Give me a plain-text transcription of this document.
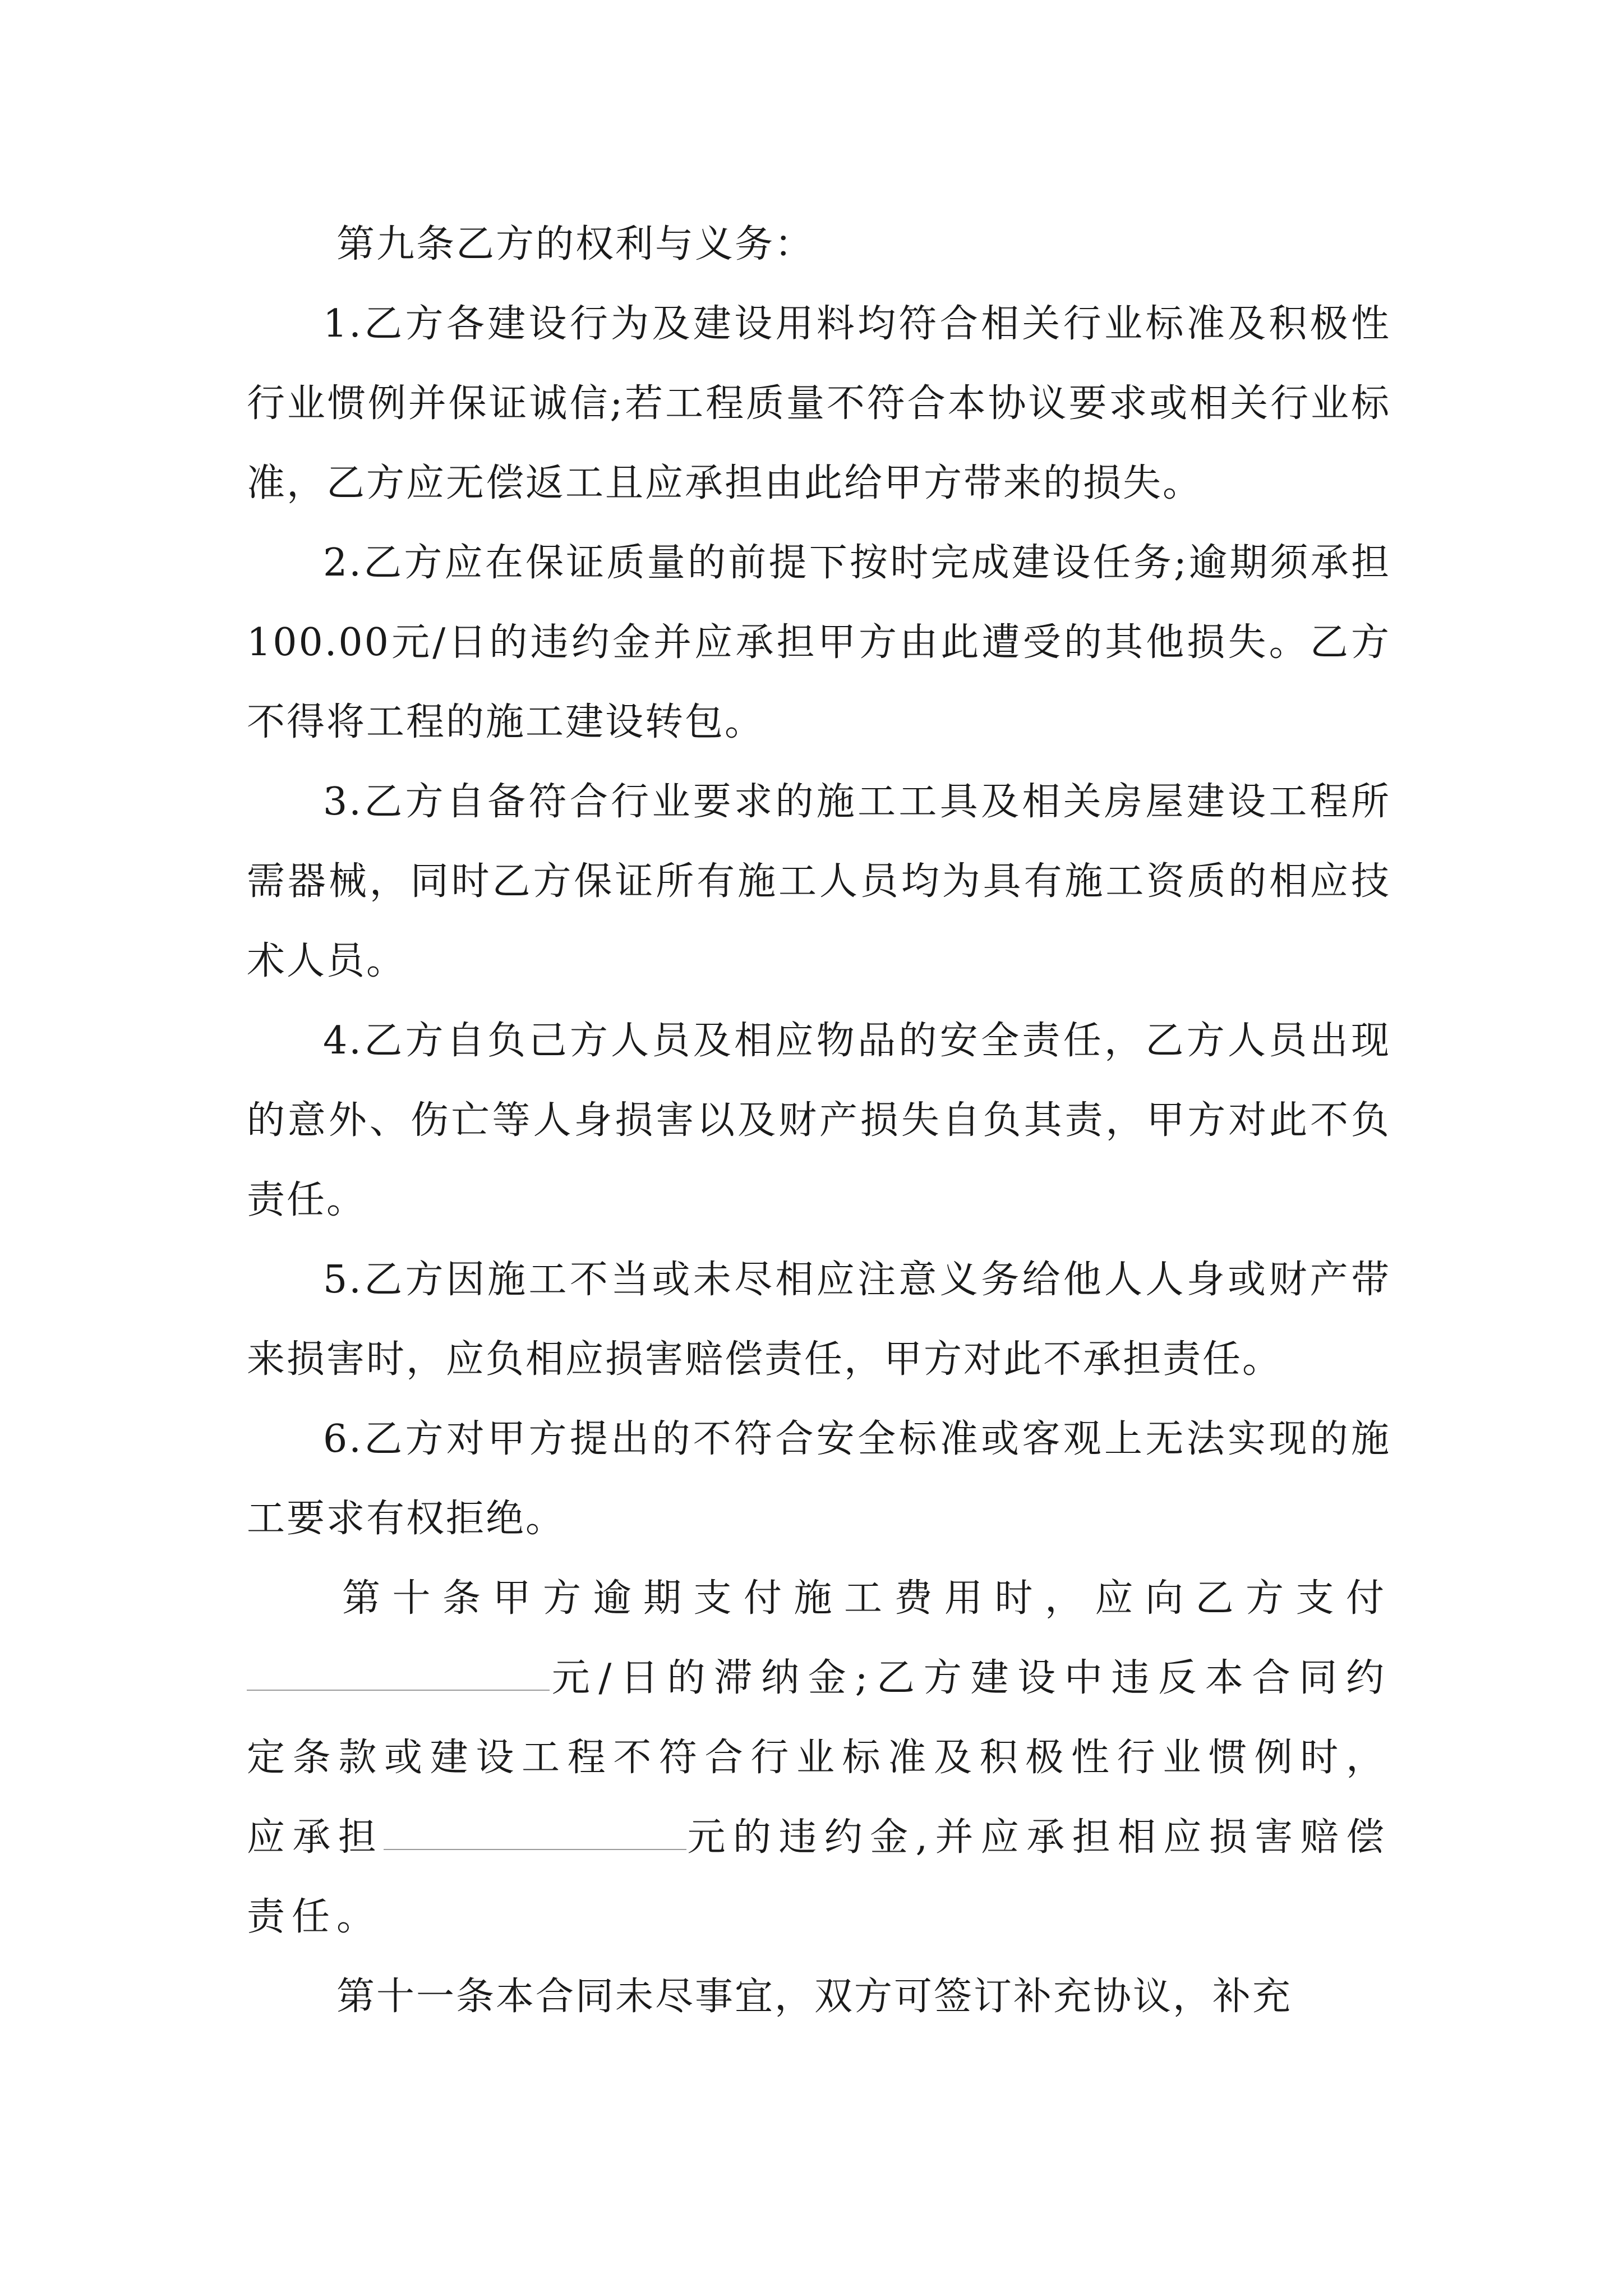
第九条乙方的权利与义务：

1.乙方各建设行为及建设用料均符合相关行业标准及积极性行业惯例并保证诚信;若工程质量不符合本协议要求或相关行业标准，乙方应无偿返工且应承担由此给甲方带来的损失。

2.乙方应在保证质量的前提下按时完成建设任务;逾期须承担100.00元/日的违约金并应承担甲方由此遭受的其他损失。乙方不得将工程的施工建设转包。

3.乙方自备符合行业要求的施工工具及相关房屋建设工程所需器械，同时乙方保证所有施工人员均为具有施工资质的相应技术人员。

4.乙方自负己方人员及相应物品的安全责任，乙方人员出现的意外、伤亡等人身损害以及财产损失自负其责，甲方对此不负责任。

5.乙方因施工不当或未尽相应注意义务给他人人身或财产带来损害时，应负相应损害赔偿责任，甲方对此不承担责任。

6.乙方对甲方提出的不符合安全标准或客观上无法实现的施工要求有权拒绝。

第十条甲方逾期支付施工费用时，应向乙方支付元/日的滞纳金;乙方建设中违反本合同约定条款或建设工程不符合行业标准及积极性行业惯例时，应承担	元的违约金,并应承担相应损害赔偿责任。

第十一条本合同未尽事宜，双方可签订补充协议，补充
